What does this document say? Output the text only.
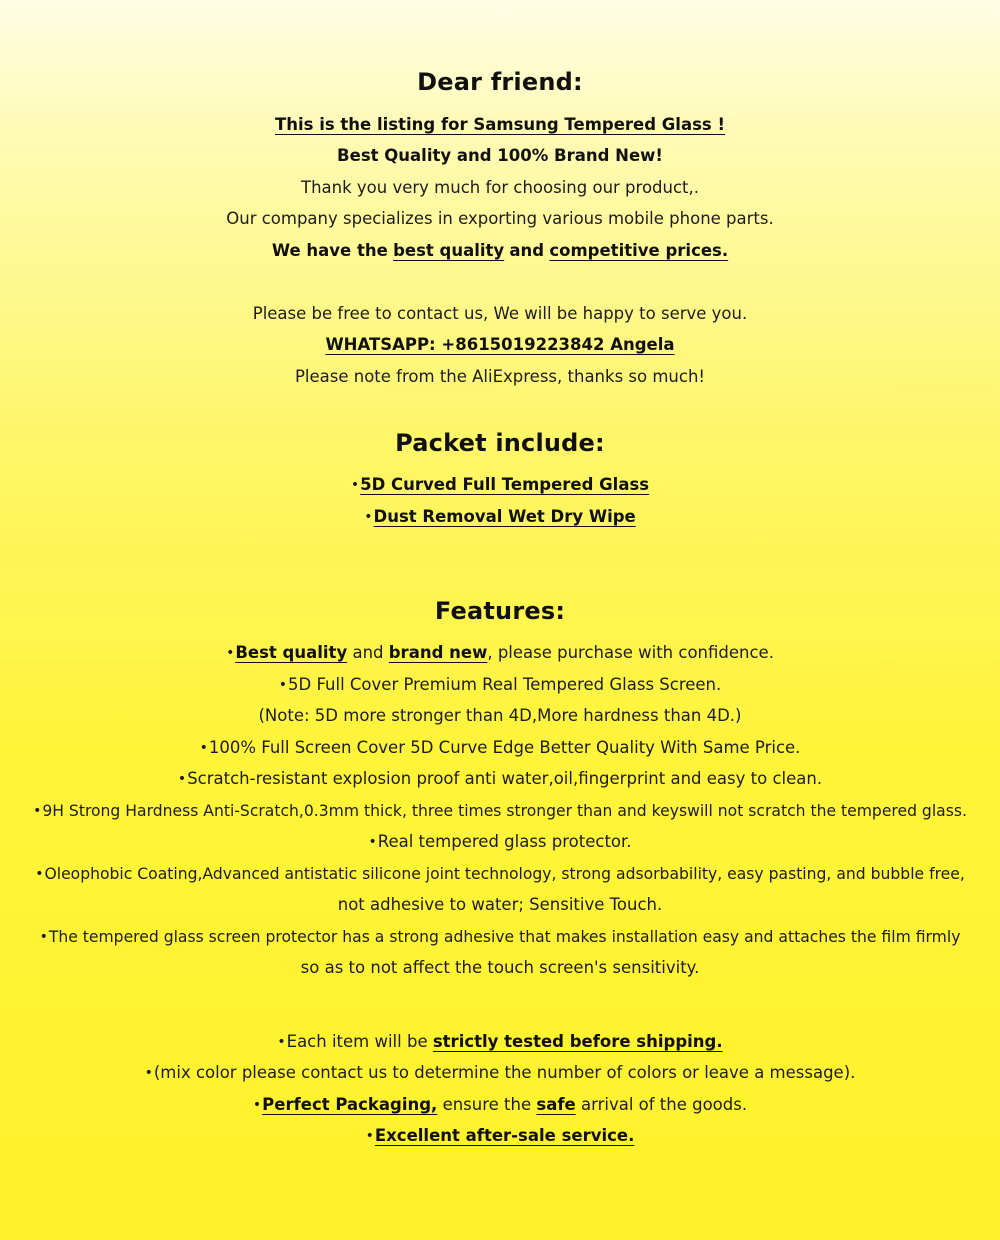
Dear friend:
This is the listing for Samsung Tempered Glass !
Best Quality and 100% Brand New!
Thank you very much for choosing our product,.
Our company specializes in exporting various mobile phone parts.
We have the best quality and competitive prices.
Please be free to contact us, We will be happy to serve you.
WHATSAPP: +8615019223842 Angela
Please note from the AliExpress, thanks so much!
Packet include:
•5D Curved Full Tempered Glass
•Dust Removal Wet Dry Wipe
Features:
•Best quality and brand new, please purchase with confidence.
•5D Full Cover Premium Real Tempered Glass Screen.
(Note: 5D more stronger than 4D,More hardness than 4D.)
•100% Full Screen Cover 5D Curve Edge Better Quality With Same Price.
•Scratch-resistant explosion proof anti water,oil,fingerprint and easy to clean.
•9H Strong Hardness Anti-Scratch,0.3mm thick, three times stronger than and keyswill not scratch the tempered glass.
•Real tempered glass protector.
•Oleophobic Coating,Advanced antistatic silicone joint technology, strong adsorbability, easy pasting, and bubble free,
not adhesive to water; Sensitive Touch.
•The tempered glass screen protector has a strong adhesive that makes installation easy and attaches the film firmly
so as to not affect the touch screen's sensitivity.
•Each item will be strictly tested before shipping.
•(mix color please contact us to determine the number of colors or leave a message).
•Perfect Packaging, ensure the safe arrival of the goods.
•Excellent after-sale service.
